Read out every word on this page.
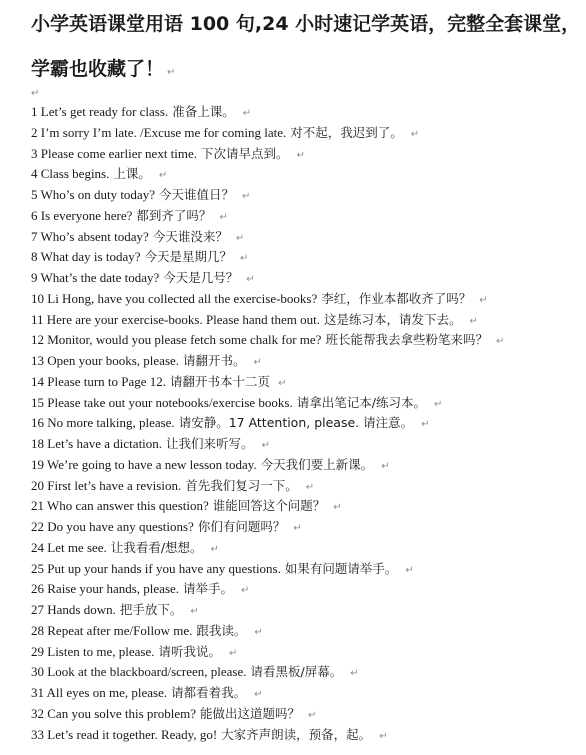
小学英语课堂用语 100 句,24 小时速记学英语，完整全套课堂，
学霸也收藏了！ ↵
↵
1 Let’s get ready for class. 准备上课。 ↵
2 I’m sorry I’m late. /Excuse me for coming late. 对不起，我迟到了。 ↵
3 Please come earlier next time. 下次请早点到。 ↵
4 Class begins. 上课。 ↵
5 Who’s on duty today? 今天谁值日？ ↵
6 Is everyone here? 都到齐了吗？ ↵
7 Who’s absent today? 今天谁没来？ ↵
8 What day is today? 今天是星期几？ ↵
9 What’s the date today? 今天是几号？ ↵
10 Li Hong, have you collected all the exercise-books? 李红，作业本都收齐了吗？ ↵
11 Here are your exercise-books. Please hand them out. 这是练习本，请发下去。 ↵
12 Monitor, would you please fetch some chalk for me? 班长能帮我去拿些粉笔来吗？ ↵
13 Open your books, please. 请翻开书。 ↵
14 Please turn to Page 12. 请翻开书本十二页 ↵
15 Please take out your notebooks/exercise books. 请拿出笔记本/练习本。 ↵
16 No more talking, please. 请安静。17 Attention, please. 请注意。 ↵
18 Let’s have a dictation. 让我们来听写。 ↵
19 We’re going to have a new lesson today. 今天我们要上新课。 ↵
20 First let’s have a revision. 首先我们复习一下。 ↵
21 Who can answer this question? 谁能回答这个问题？ ↵
22 Do you have any questions? 你们有问题吗？ ↵
24 Let me see. 让我看看/想想。 ↵
25 Put up your hands if you have any questions. 如果有问题请举手。 ↵
26 Raise your hands, please. 请举手。 ↵
27 Hands down. 把手放下。 ↵
28 Repeat after me/Follow me. 跟我读。 ↵
29 Listen to me, please. 请听我说。 ↵
30 Look at the blackboard/screen, please. 请看黑板/屏幕。 ↵
31 All eyes on me, please. 请都看着我。 ↵
32 Can you solve this problem? 能做出这道题吗？ ↵
33 Let’s read it together. Ready, go! 大家齐声朗读，预备，起。 ↵
